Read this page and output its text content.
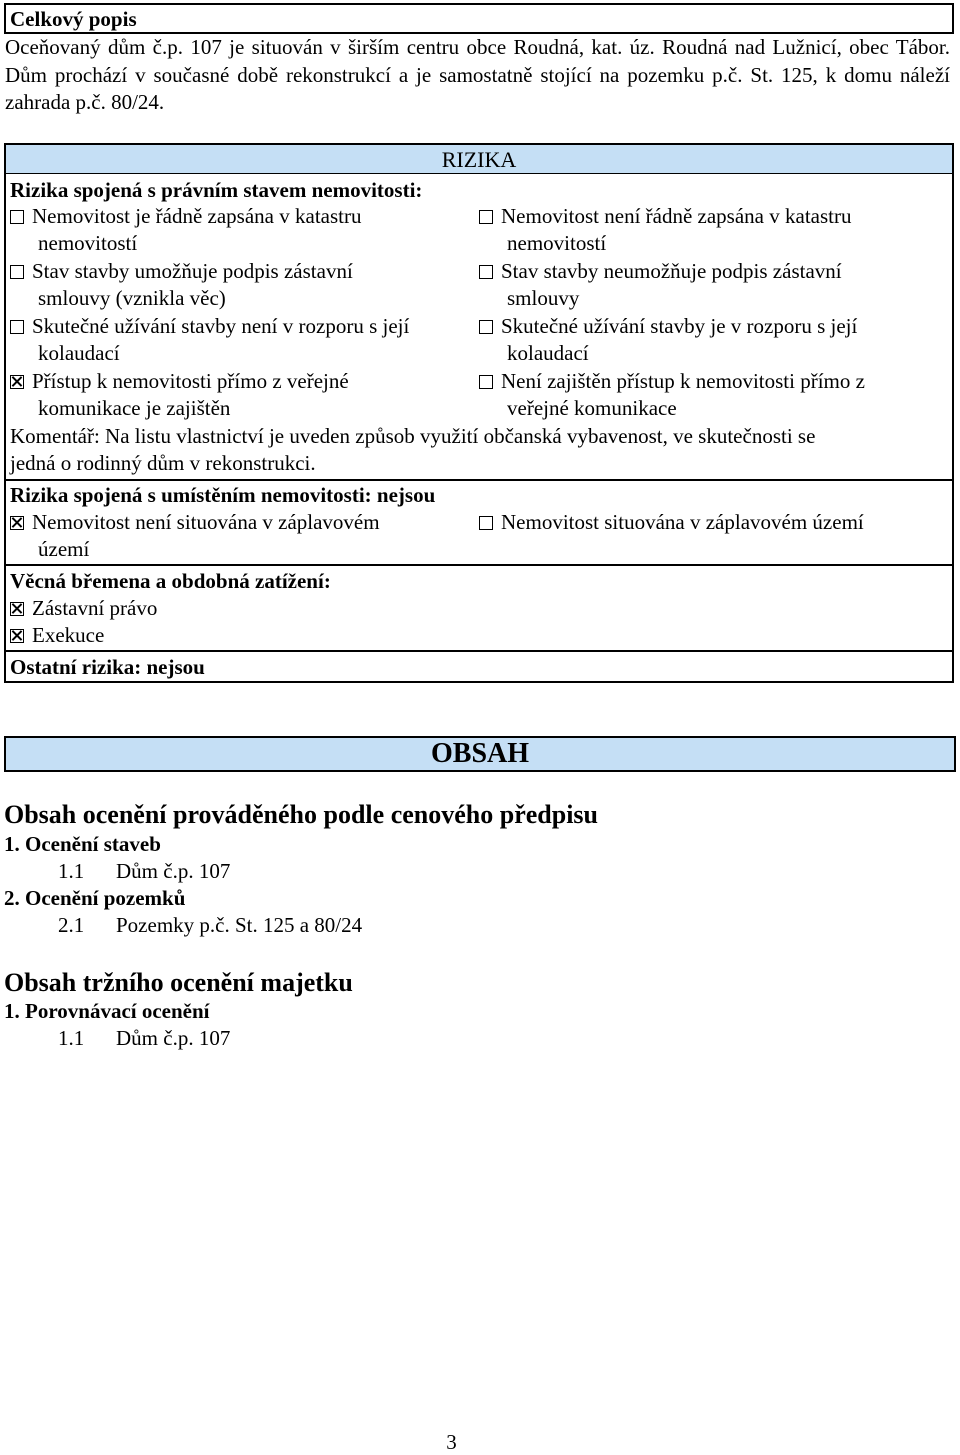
Celkový popis
Oceňovaný dům č.p. 107 je situován v širším centru obce Roudná, kat. úz. Roudná nad Lužnicí, obec Tábor. Dům prochází v současné době rekonstrukcí a je samostatně stojící na pozemku p.č. St. 125, k domu náleží zahrada p.č. 80/24.
RIZIKA
Rizika spojená s právním stavem nemovitosti:
Nemovitost je řádně zapsána v katastru
nemovitostí
Nemovitost není řádně zapsána v katastru
nemovitostí
Stav stavby umožňuje podpis zástavní
smlouvy (vznikla věc)
Stav stavby neumožňuje podpis zástavní
smlouvy
Skutečné užívání stavby není v rozporu s její
kolaudací
Skutečné užívání stavby je v rozporu s její
kolaudací
Přístup k nemovitosti přímo z veřejné
komunikace je zajištěn
Není zajištěn přístup k nemovitosti přímo z
veřejné komunikace
Komentář: Na listu vlastnictví je uveden způsob využití občanská vybavenost, ve skutečnosti se
jedná o rodinný dům v rekonstrukci.
Rizika spojená s umístěním nemovitosti: nejsou
Nemovitost není situována v záplavovém
území
Nemovitost situována v záplavovém území
Věcná břemena a obdobná zatížení:
Zástavní právo
Exekuce
Ostatní rizika: nejsou
OBSAH
Obsah ocenění prováděného podle cenového předpisu
1. Ocenění staveb
1.1 Dům č.p. 107
2. Ocenění pozemků
2.1 Pozemky p.č. St. 125 a 80/24
Obsah tržního ocenění majetku
1. Porovnávací ocenění
1.1 Dům č.p. 107
3
